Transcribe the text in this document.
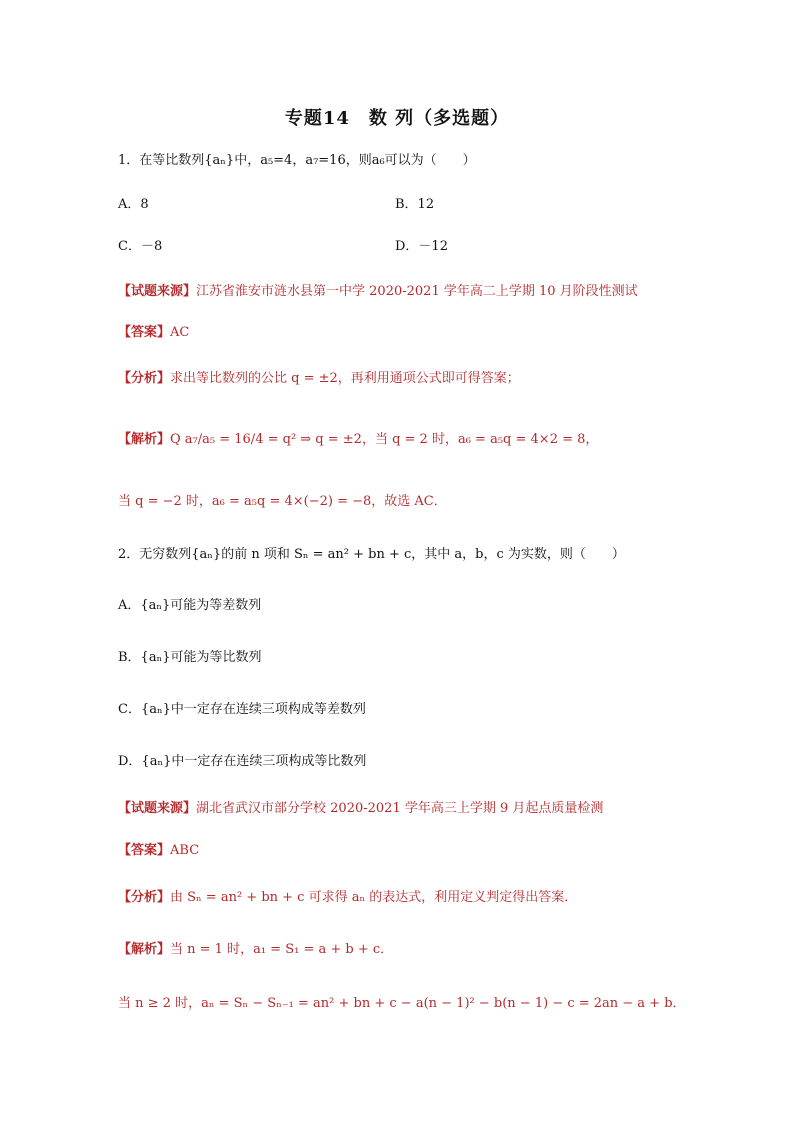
专题14　数 列（多选题）
1．在等比数列{aₙ}中，a₅=4，a₇=16，则a₆可以为（　　）
A．8	B．12
C．－8	D．－12
【试题来源】江苏省淮安市涟水县第一中学 2020-2021 学年高二上学期 10 月阶段性测试
【答案】AC
【分析】求出等比数列的公比 q = ±2，再利用通项公式即可得答案；
【解析】Q a₇/a₅ = 16/4 = q² ⇒ q = ±2，当 q = 2 时，a₆ = a₅q = 4×2 = 8，
当 q = −2 时，a₆ = a₅q = 4×(−2) = −8，故选 AC．
2．无穷数列{aₙ}的前 n 项和 Sₙ = an² + bn + c，其中 a，b，c 为实数，则（　　）
A．{aₙ}可能为等差数列
B．{aₙ}可能为等比数列
C．{aₙ}中一定存在连续三项构成等差数列
D．{aₙ}中一定存在连续三项构成等比数列
【试题来源】湖北省武汉市部分学校 2020-2021 学年高三上学期 9 月起点质量检测
【答案】ABC
【分析】由 Sₙ = an² + bn + c 可求得 aₙ 的表达式，利用定义判定得出答案．
【解析】当 n = 1 时，a₁ = S₁ = a + b + c．
当 n ≥ 2 时，aₙ = Sₙ − Sₙ₋₁ = an² + bn + c − a(n − 1)² − b(n − 1) − c = 2an − a + b．
